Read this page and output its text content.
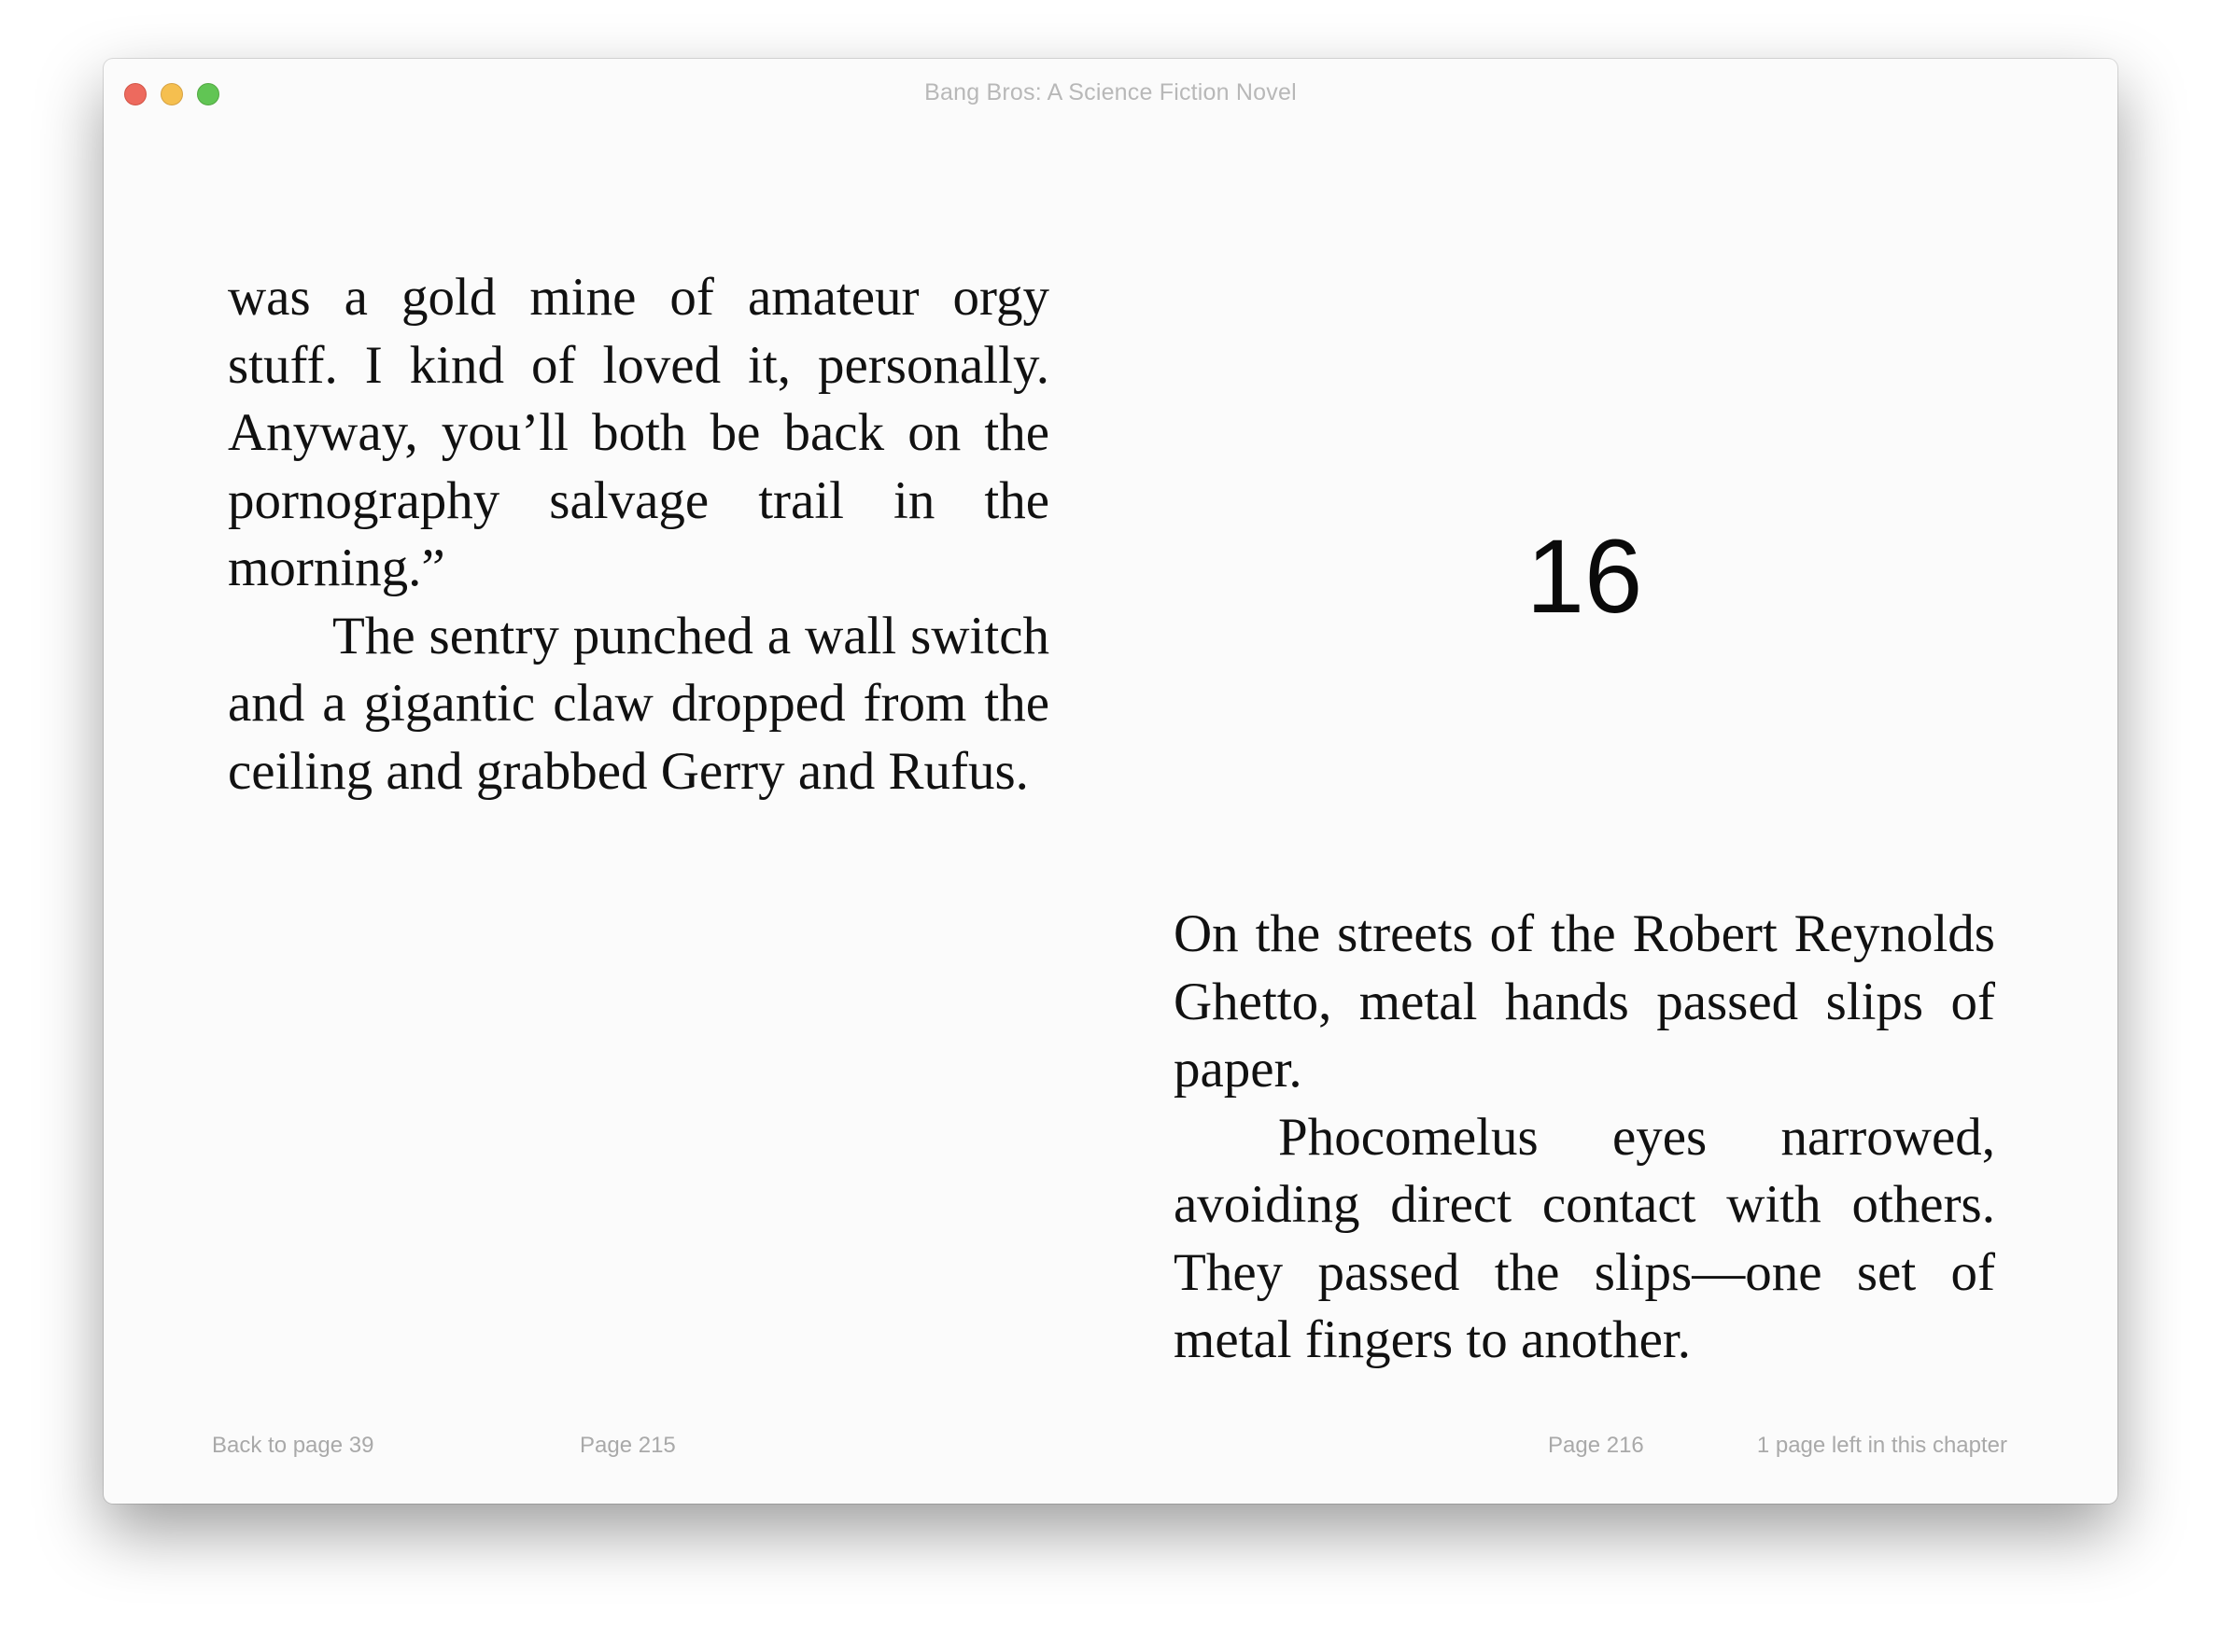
Bang Bros: A Science Fiction Novel

was a gold mine of amateur orgy stuff. I kind of loved it, personally. Anyway, you’ll both be back on the pornography salvage trail in the morning.”

The sentry punched a wall switch and a gigantic claw dropped from the ceiling and grabbed Gerry and Rufus.

16

On the streets of the Robert Reynolds Ghetto, metal hands passed slips of paper.

Phocomelus eyes narrowed, avoiding direct contact with others. They passed the slips—one set of metal fingers to another.

Back to page 39	Page 215	Page 216	1 page left in this chapter
